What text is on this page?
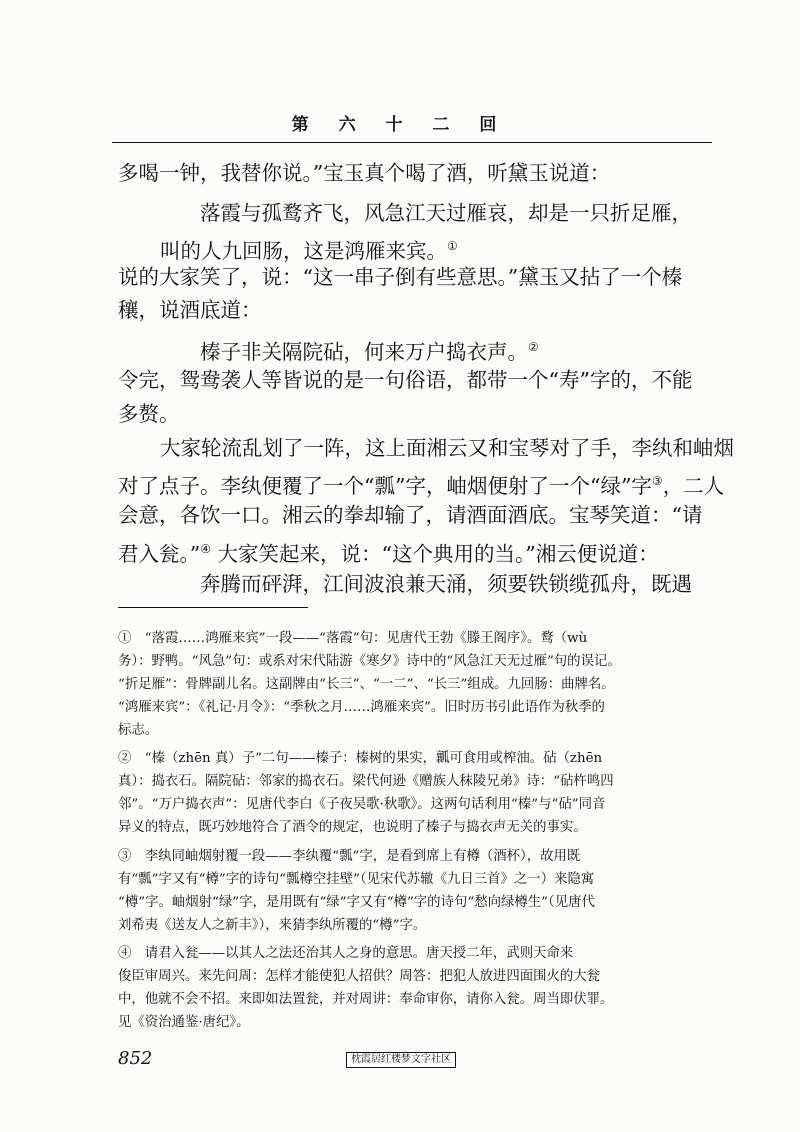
第 六 十 二 回
多喝一钟，我替你说。”宝玉真个喝了酒，听黛玉说道：
落霞与孤鹜齐飞，风急江天过雁哀，却是一只折足雁，
叫的人九回肠，这是鸿雁来宾。①
说的大家笑了，说：“这一串子倒有些意思。”黛玉又拈了一个榛
穰，说酒底道：
榛子非关隔院砧，何来万户捣衣声。②
令完，鸳鸯袭人等皆说的是一句俗语，都带一个“寿”字的，不能
多赘。
大家轮流乱划了一阵，这上面湘云又和宝琴对了手，李纨和岫烟
对了点子。李纨便覆了一个“瓢”字，岫烟便射了一个“绿”字③，二人
会意，各饮一口。湘云的拳却输了，请酒面酒底。宝琴笑道：“请
君入瓮。”④ 大家笑起来，说：“这个典用的当。”湘云便说道：
奔腾而砰湃，江间波浪兼天涌，须要铁锁缆孤舟，既遇
①　“落霞……鸿雁来宾”一段——“落霞”句：见唐代王勃《滕王阁序》。鹜（wù
务）：野鸭。“风急”句：或系对宋代陆游《寒夕》诗中的“风急江天无过雁”句的误记。
“折足雁”：骨牌副儿名。这副牌由“长三”、“一二”、“长三”组成。九回肠：曲牌名。
“鸿雁来宾”：《礼记·月令》：“季秋之月……鸿雁来宾”。旧时历书引此语作为秋季的
标志。
②　“榛（zhēn 真）子”二句——榛子：榛树的果实，瓤可食用或榨油。砧（zhēn
真）：捣衣石。隔院砧：邻家的捣衣石。梁代何逊《赠族人秣陵兄弟》诗：“砧杵鸣四
邻”。“万户捣衣声”：见唐代李白《子夜吴歌·秋歌》。这两句话利用“榛”与“砧”同音
异义的特点，既巧妙地符合了酒令的规定，也说明了榛子与捣衣声无关的事实。
③　李纨同岫烟射覆一段——李纨覆“瓢”字，是看到席上有樽（酒杯），故用既
有“瓢”字又有“樽”字的诗句“瓢樽空挂壁”（见宋代苏辙《九日三首》之一）来隐寓
“樽”字。岫烟射“绿”字，是用既有“绿”字又有“樽”字的诗句“愁向绿樽生”（见唐代
刘希夷《送友人之新丰》），来猜李纨所覆的“樽”字。
④　请君入瓮——以其人之法还治其人之身的意思。唐天授二年，武则天命来
俊臣审周兴。来先问周：怎样才能使犯人招供？周答：把犯人放进四面围火的大瓮
中，他就不会不招。来即如法置瓮，并对周讲：奉命审你，请你入瓮。周当即伏罪。
见《资治通鉴·唐纪》。
852	枕霞居红楼梦文字社区
